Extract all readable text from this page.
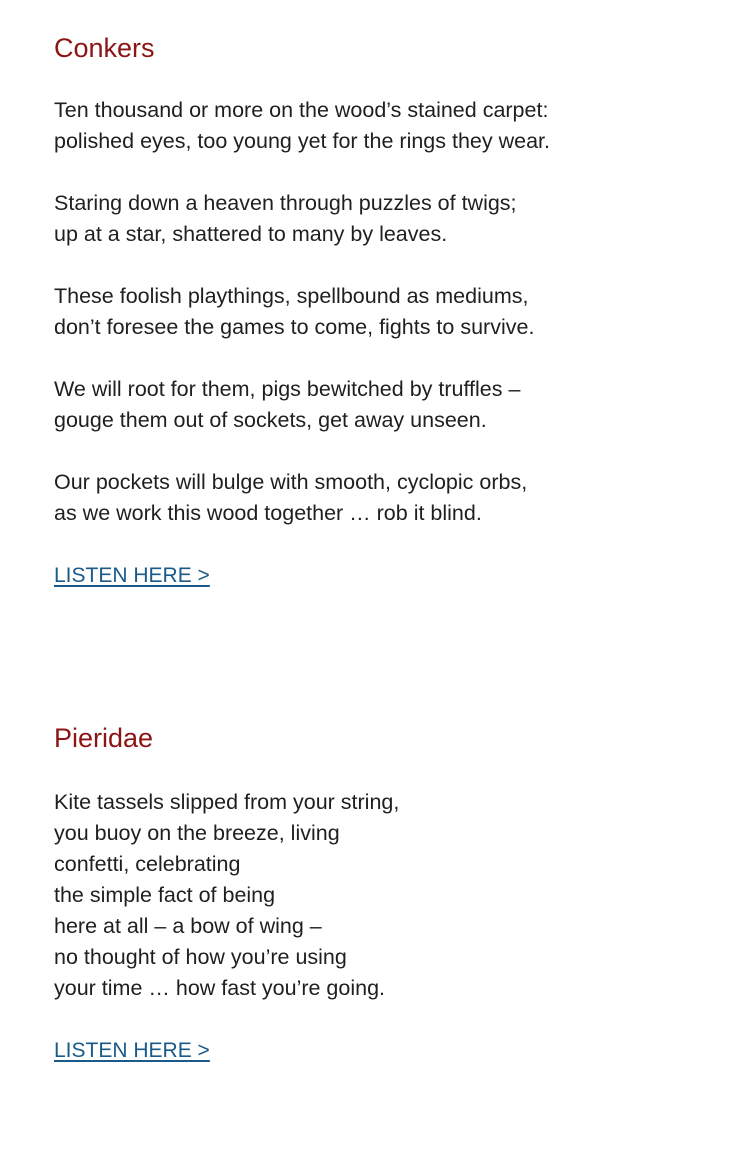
Conkers

Ten thousand or more on the wood’s stained carpet:
polished eyes, too young yet for the rings they wear.

Staring down a heaven through puzzles of twigs;
up at a star, shattered to many by leaves.

These foolish playthings, spellbound as mediums,
don’t foresee the games to come, fights to survive.

We will root for them, pigs bewitched by truffles –
gouge them out of sockets, get away unseen.

Our pockets will bulge with smooth, cyclopic orbs,
as we work this wood together … rob it blind.

LISTEN HERE >
Pieridae

Kite tassels slipped from your string,
you buoy on the breeze, living
confetti, celebrating
the simple fact of being
here at all – a bow of wing –
no thought of how you’re using
your time … how fast you’re going.

LISTEN HERE >
